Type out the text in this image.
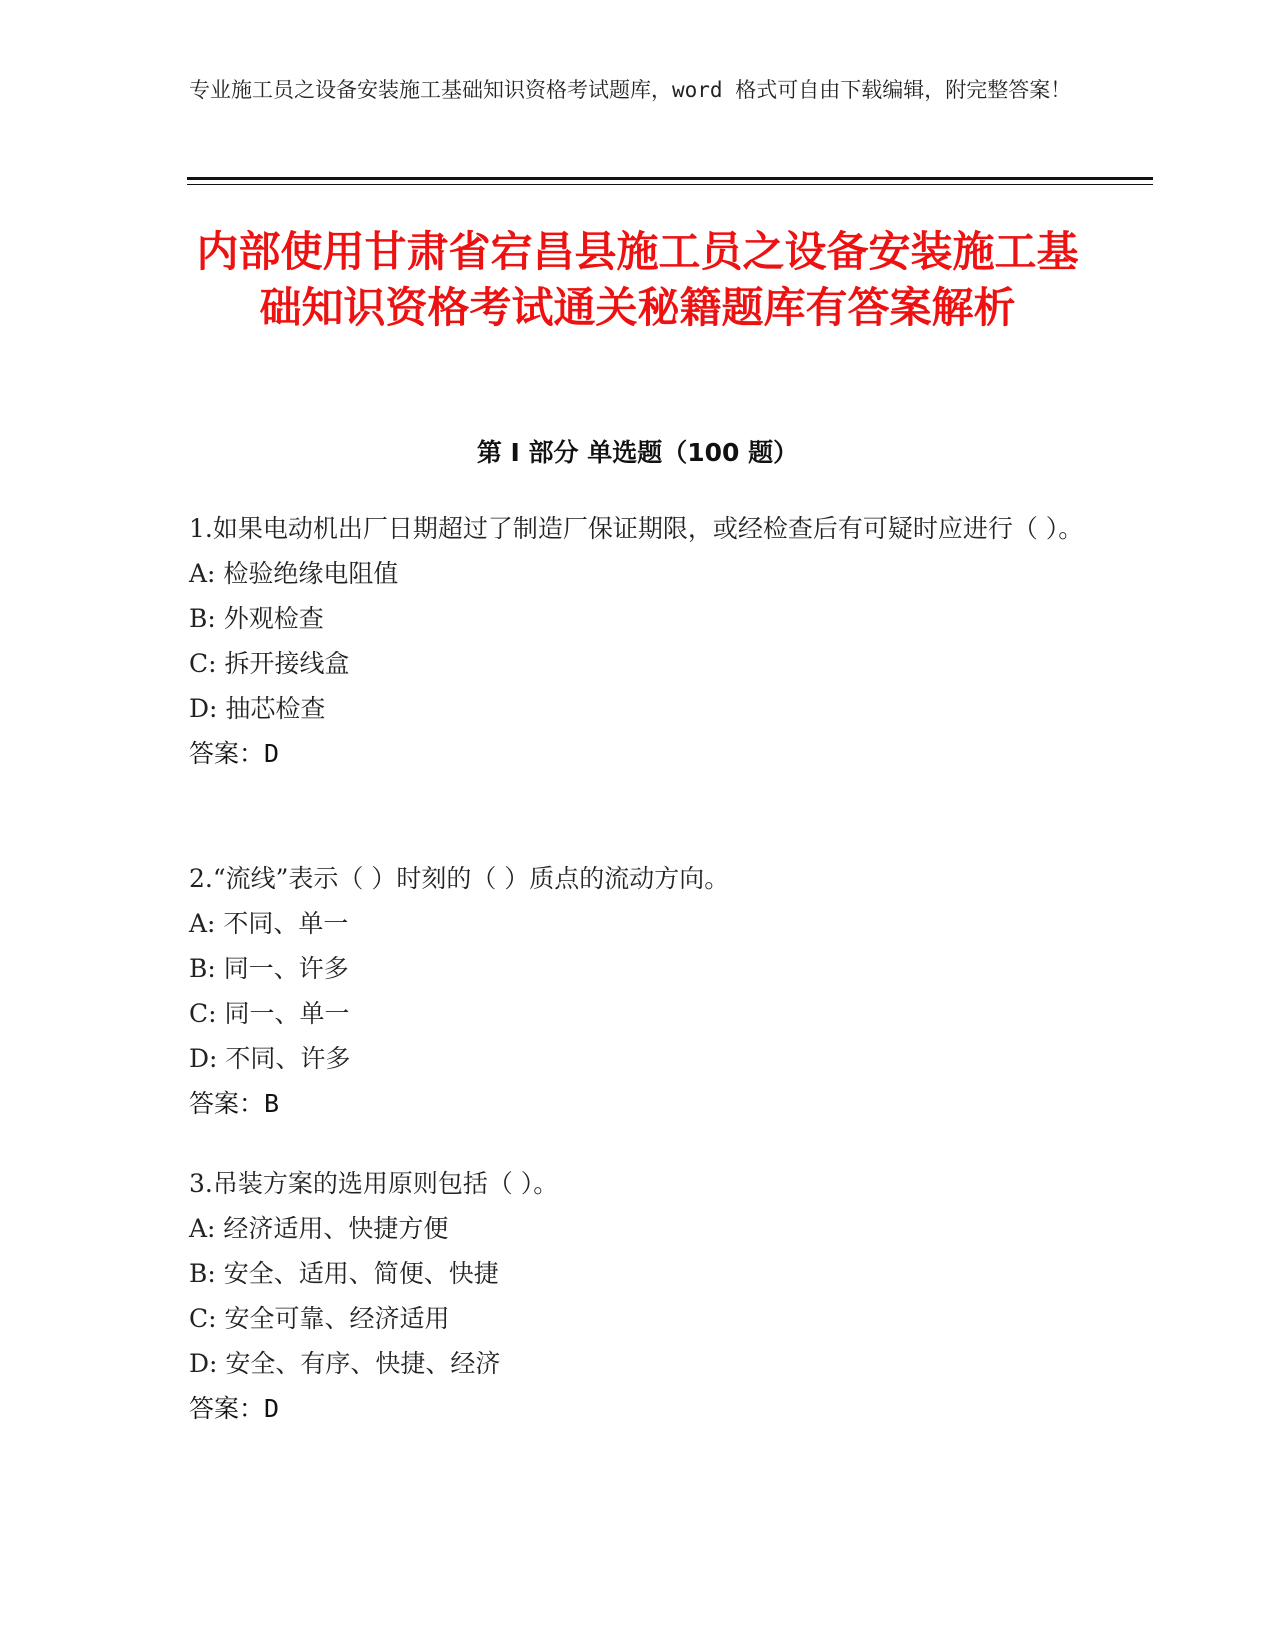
专业施工员之设备安装施工基础知识资格考试题库，word 格式可自由下载编辑，附完整答案！
内部使用甘肃省宕昌县施工员之设备安装施工基础知识资格考试通关秘籍题库有答案解析
第 I 部分 单选题（100 题）

1.如果电动机出厂日期超过了制造厂保证期限，或经检查后有可疑时应进行（ ）。

A: 检验绝缘电阻值

B: 外观检查

C: 拆开接线盒

D: 抽芯检查

答案：D

2.“流线”表示（ ）时刻的（ ）质点的流动方向。

A: 不同、单一

B: 同一、许多

C: 同一、单一

D: 不同、许多

答案：B

3.吊装方案的选用原则包括（ ）。

A: 经济适用、快捷方便

B: 安全、适用、简便、快捷

C: 安全可靠、经济适用

D: 安全、有序、快捷、经济

答案：D
